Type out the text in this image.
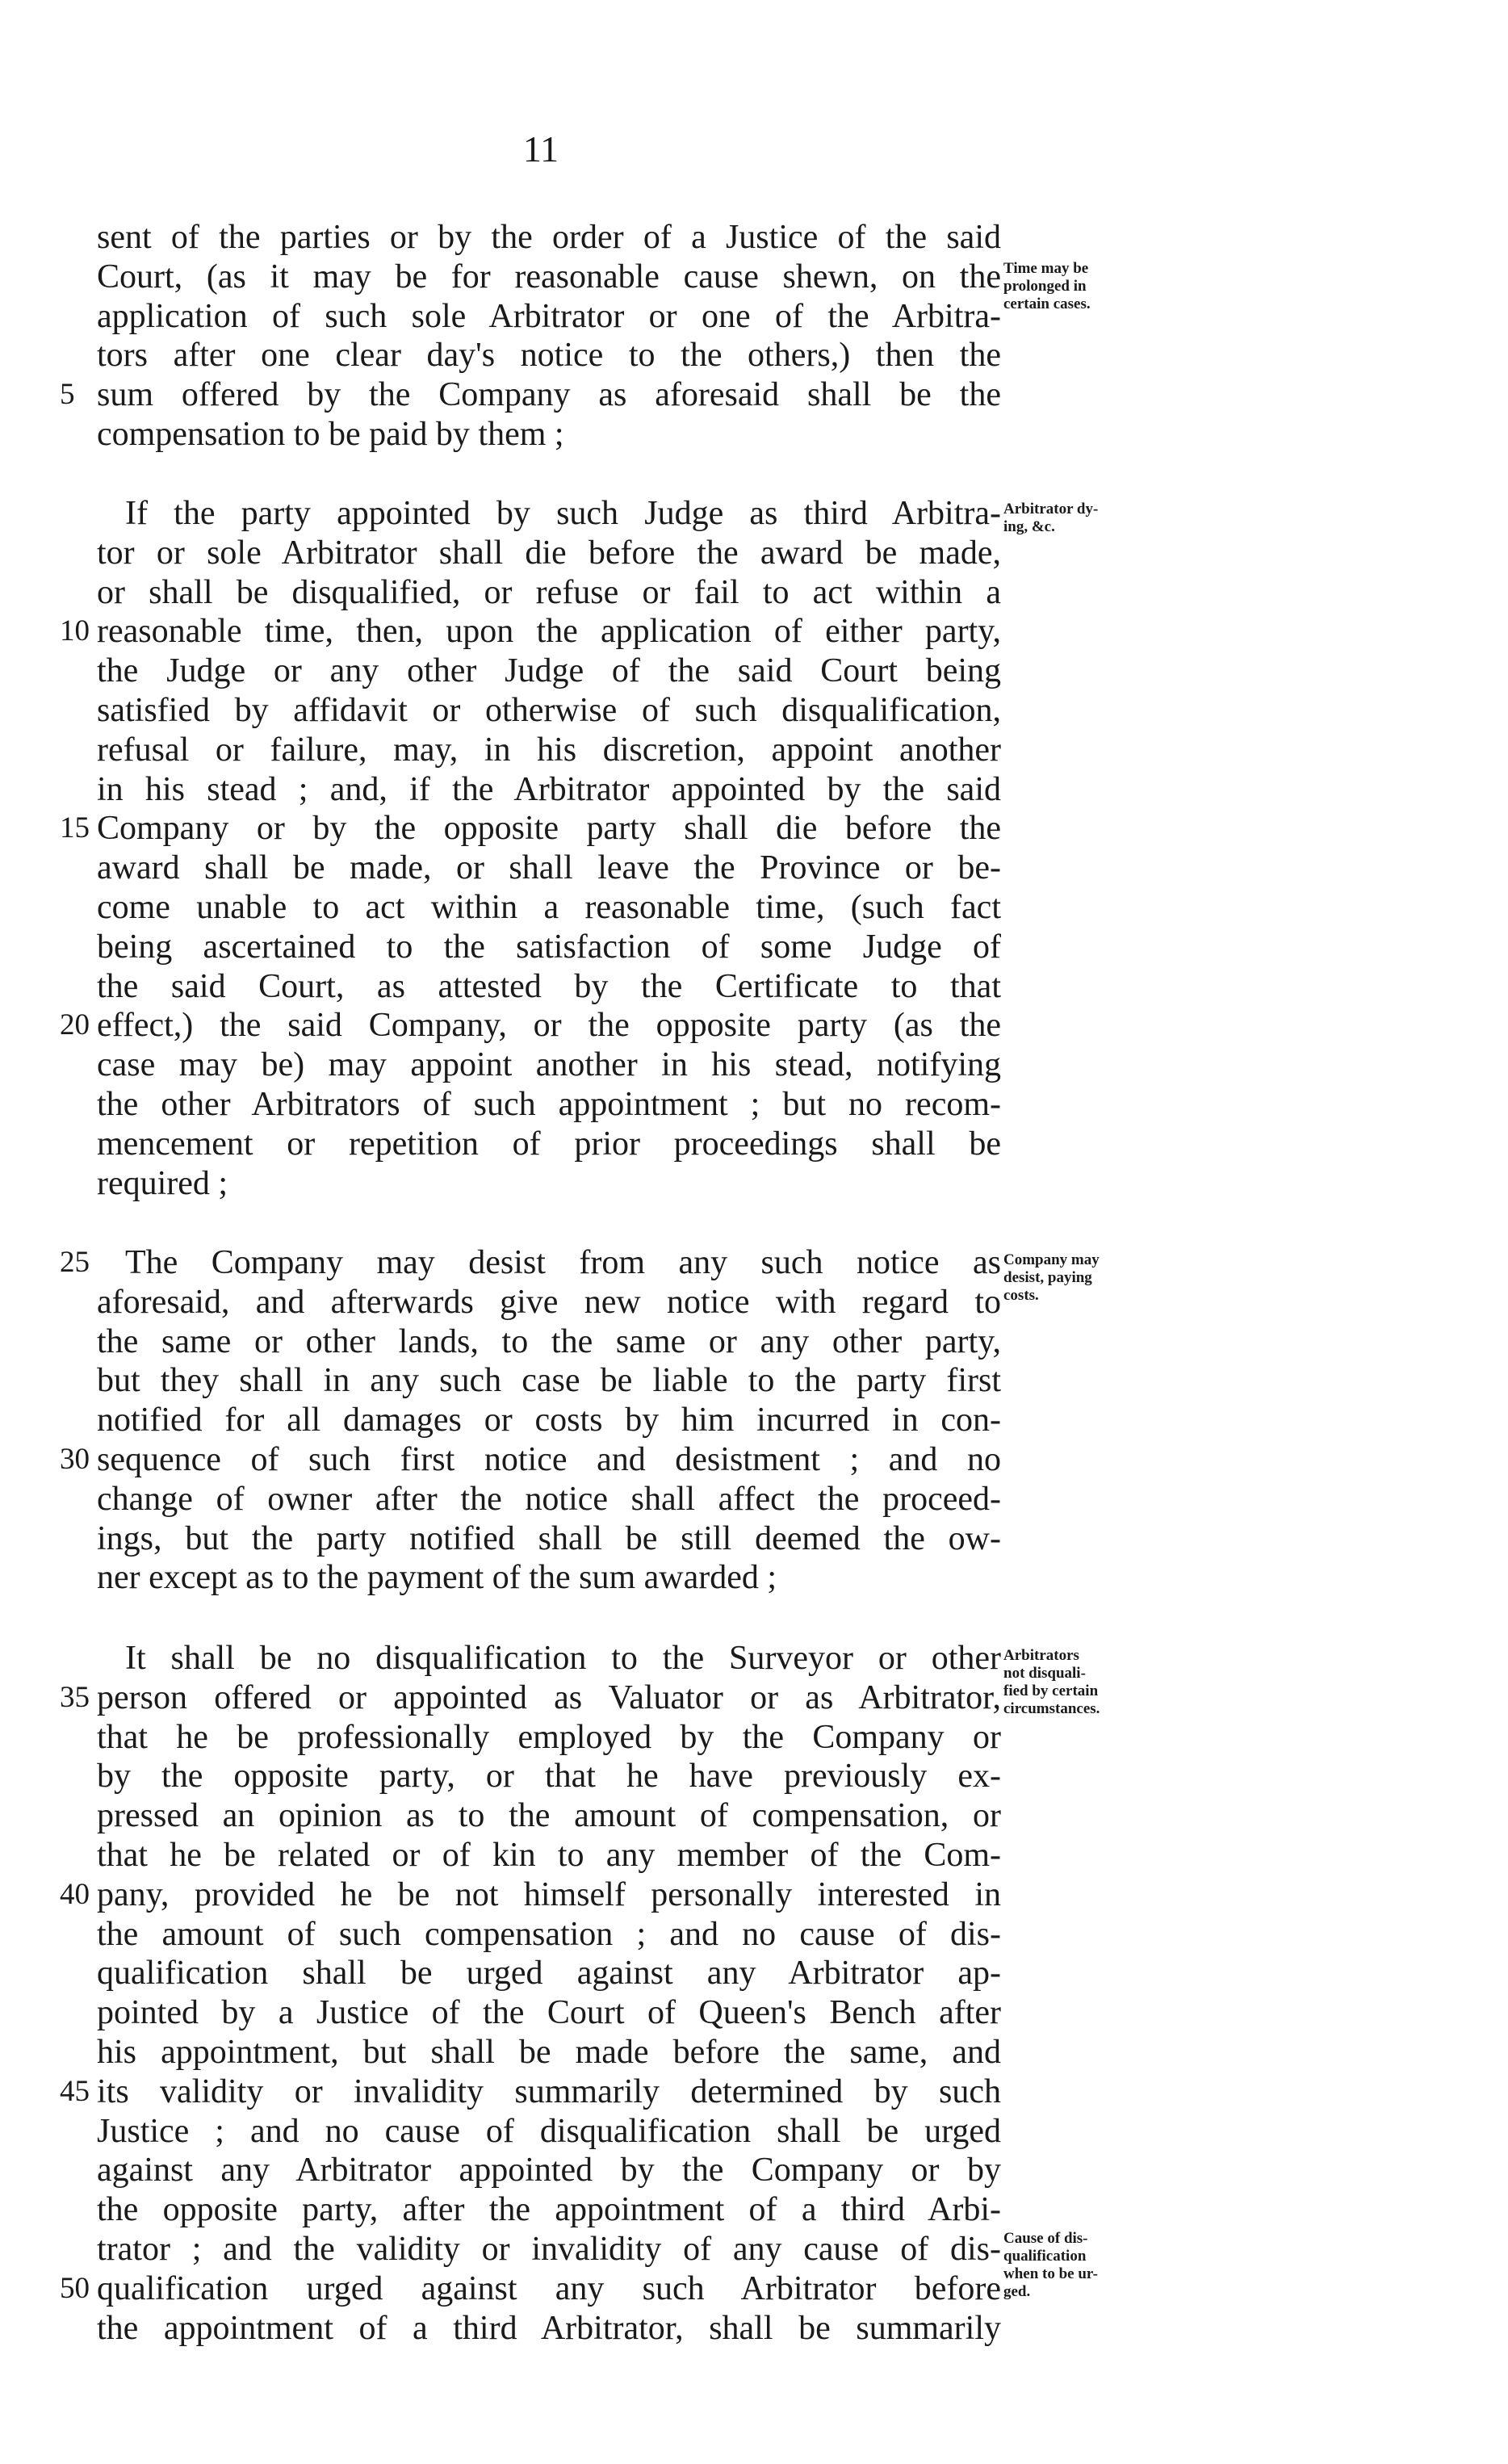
11
sent of the parties or by the order of a Justice of the said
Court, (as it may be for reasonable cause shewn, on the
application of such sole Arbitrator or one of the Arbitra-
tors after one clear day's notice to the others,) then the
5 sum offered by the Company as aforesaid shall be the
compensation to be paid by them ;
If the party appointed by such Judge as third Arbitra-
tor or sole Arbitrator shall die before the award be made,
or shall be disqualified, or refuse or fail to act within a
10 reasonable time, then, upon the application of either party,
the Judge or any other Judge of the said Court being
satisfied by affidavit or otherwise of such disqualification,
refusal or failure, may, in his discretion, appoint another
in his stead ; and, if the Arbitrator appointed by the said
15 Company or by the opposite party shall die before the
award shall be made, or shall leave the Province or be-
come unable to act within a reasonable time, (such fact
being ascertained to the satisfaction of some Judge of
the said Court, as attested by the Certificate to that
20 effect,) the said Company, or the opposite party (as the
case may be) may appoint another in his stead, notifying
the other Arbitrators of such appointment ; but no recom-
mencement or repetition of prior proceedings shall be
required ;
25 The Company may desist from any such notice as
aforesaid, and afterwards give new notice with regard to
the same or other lands, to the same or any other party,
but they shall in any such case be liable to the party first
notified for all damages or costs by him incurred in con-
30 sequence of such first notice and desistment ; and no
change of owner after the notice shall affect the proceed-
ings, but the party notified shall be still deemed the ow-
ner except as to the payment of the sum awarded ;
It shall be no disqualification to the Surveyor or other
35 person offered or appointed as Valuator or as Arbitrator,
that he be professionally employed by the Company or
by the opposite party, or that he have previously ex-
pressed an opinion as to the amount of compensation, or
that he be related or of kin to any member of the Com-
40 pany, provided he be not himself personally interested in
the amount of such compensation ; and no cause of dis-
qualification shall be urged against any Arbitrator ap-
pointed by a Justice of the Court of Queen's Bench after
his appointment, but shall be made before the same, and
45 its validity or invalidity summarily determined by such
Justice ; and no cause of disqualification shall be urged
against any Arbitrator appointed by the Company or by
the opposite party, after the appointment of a third Arbi-
trator ; and the validity or invalidity of any cause of dis-
50 qualification urged against any such Arbitrator before
the appointment of a third Arbitrator, shall be summarily
Time may be
prolonged in
certain cases.
Arbitrator dy-
ing, &c.
Company may
desist, paying
costs.
Arbitrators
not disquali-
fied by certain
circumstances.
Cause of dis-
qualification
when to be ur-
ged.
